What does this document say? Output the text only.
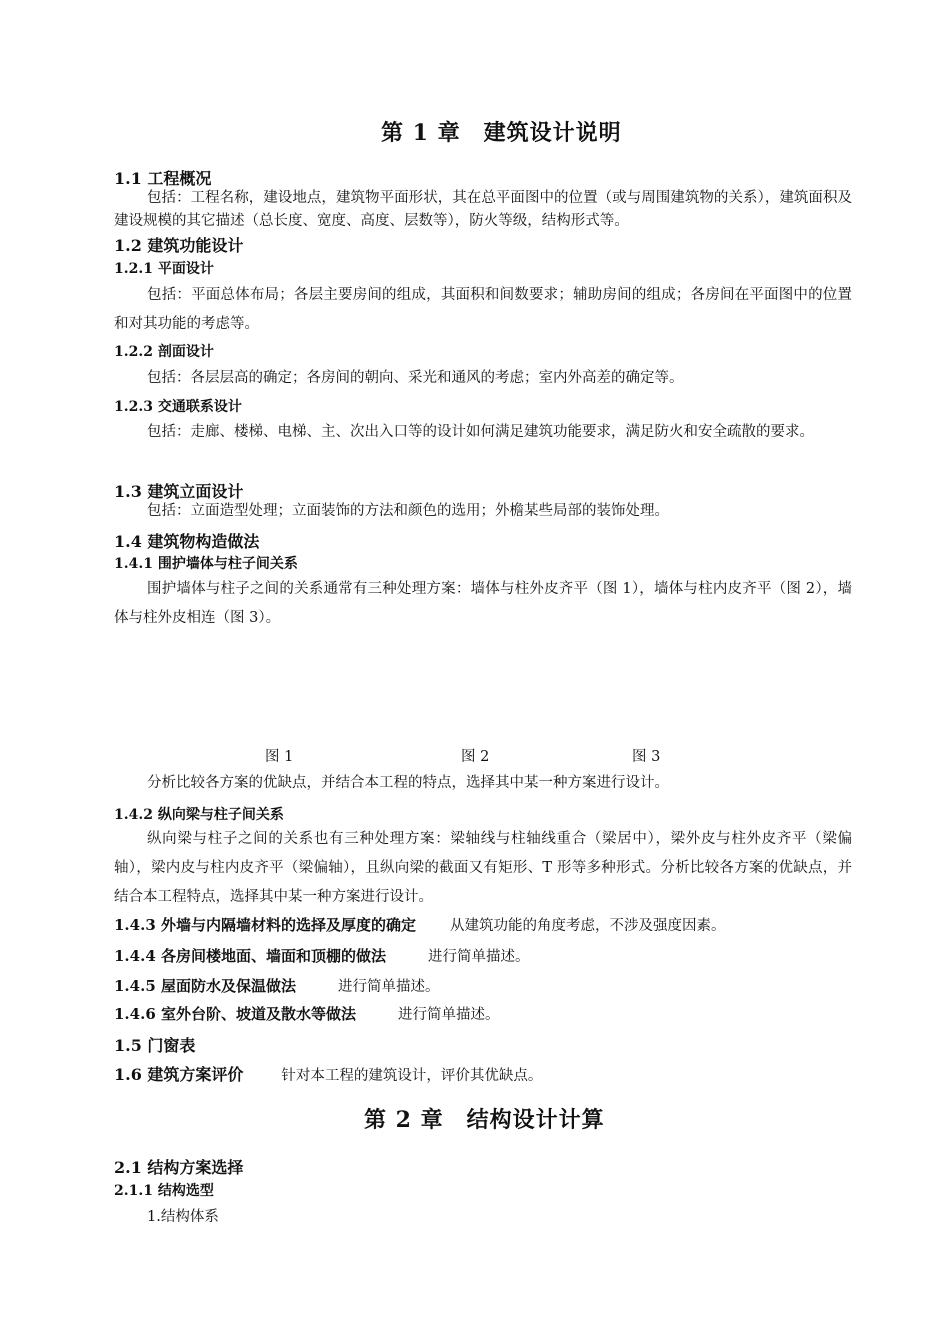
第 1 章　建筑设计说明
1.1 工程概况
包括：工程名称，建设地点，建筑物平面形状，其在总平面图中的位置（或与周围建筑物的关系），建筑面积及建设规模的其它描述（总长度、宽度、高度、层数等），防火等级，结构形式等。
1.2 建筑功能设计
1.2.1 平面设计
包括：平面总体布局；各层主要房间的组成，其面积和间数要求；辅助房间的组成；各房间在平面图中的位置和对其功能的考虑等。
1.2.2 剖面设计
包括：各层层高的确定；各房间的朝向、采光和通风的考虑；室内外高差的确定等。
1.2.3 交通联系设计
包括：走廊、楼梯、电梯、主、次出入口等的设计如何满足建筑功能要求，满足防火和安全疏散的要求。
1.3 建筑立面设计
包括：立面造型处理；立面装饰的方法和颜色的选用；外檐某些局部的装饰处理。
1.4 建筑物构造做法
1.4.1 围护墙体与柱子间关系
围护墙体与柱子之间的关系通常有三种处理方案：墙体与柱外皮齐平（图 1），墙体与柱内皮齐平（图 2），墙体与柱外皮相连（图 3）。
图 1	图 2	图 3
分析比较各方案的优缺点，并结合本工程的特点，选择其中某一种方案进行设计。
1.4.2 纵向梁与柱子间关系
纵向梁与柱子之间的关系也有三种处理方案：梁轴线与柱轴线重合（梁居中），梁外皮与柱外皮齐平（梁偏轴），梁内皮与柱内皮齐平（梁偏轴），且纵向梁的截面又有矩形、T 形等多种形式。分析比较各方案的优缺点，并结合本工程特点，选择其中某一种方案进行设计。
1.4.3 外墙与内隔墙材料的选择及厚度的确定 从建筑功能的角度考虑，不涉及强度因素。
1.4.4 各房间楼地面、墙面和顶棚的做法	进行简单描述。
1.4.5 屋面防水及保温做法	进行简单描述。
1.4.6 室外台阶、坡道及散水等做法	进行简单描述。
1.5 门窗表
1.6 建筑方案评价	针对本工程的建筑设计，评价其优缺点。
第 2 章　结构设计计算
2.1 结构方案选择
2.1.1 结构选型
1.结构体系
